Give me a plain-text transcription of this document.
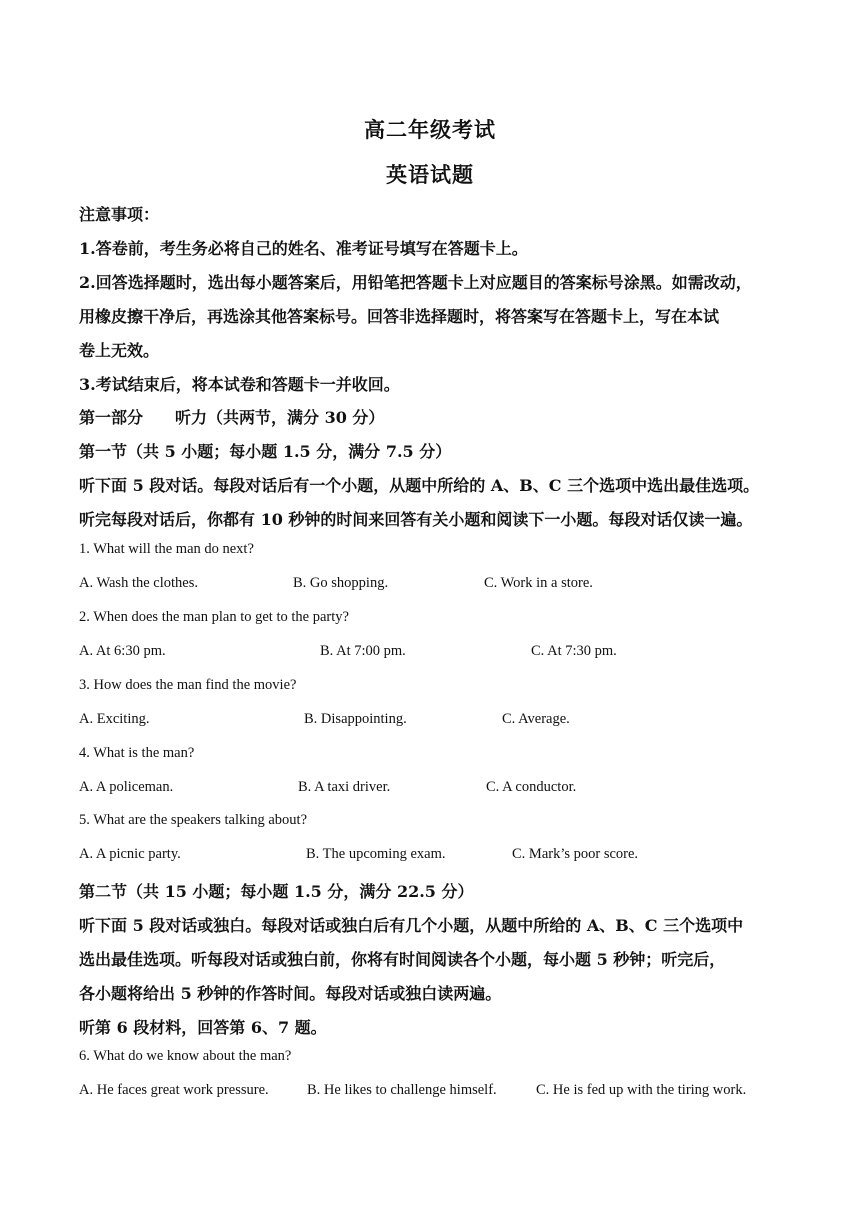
高二年级考试
英语试题
注意事项：
1.答卷前，考生务必将自己的姓名、准考证号填写在答题卡上。
2.回答选择题时，选出每小题答案后，用铅笔把答题卡上对应题目的答案标号涂黑。如需改动，
用橡皮擦干净后，再选涂其他答案标号。回答非选择题时，将答案写在答题卡上，写在本试
卷上无效。
3.考试结束后，将本试卷和答题卡一并收回。
第一部分　　听力（共两节，满分 30 分）
第一节（共 5 小题；每小题 1.5 分，满分 7.5 分）
听下面 5 段对话。每段对话后有一个小题，从题中所给的 A、B、C 三个选项中选出最佳选项。
听完每段对话后，你都有 10 秒钟的时间来回答有关小题和阅读下一小题。每段对话仅读一遍。
1. What will the man do next?
A. Wash the clothes.	B. Go shopping.	C. Work in a store.
2. When does the man plan to get to the party?
A. At 6:30 pm.	B. At 7:00 pm.	C. At 7:30 pm.
3. How does the man find the movie?
A. Exciting.	B. Disappointing.	C. Average.
4. What is the man?
A. A policeman.	B. A taxi driver.	C. A conductor.
5. What are the speakers talking about?
A. A picnic party.	B. The upcoming exam.	C. Mark’s poor score.
第二节（共 15 小题；每小题 1.5 分，满分 22.5 分）
听下面 5 段对话或独白。每段对话或独白后有几个小题，从题中所给的 A、B、C 三个选项中
选出最佳选项。听每段对话或独白前，你将有时间阅读各个小题，每小题 5 秒钟；听完后，
各小题将给出 5 秒钟的作答时间。每段对话或独白读两遍。
听第 6 段材料，回答第 6、7 题。
6. What do we know about the man?
A. He faces great work pressure.	B. He likes to challenge himself.	C. He is fed up with the tiring work.
